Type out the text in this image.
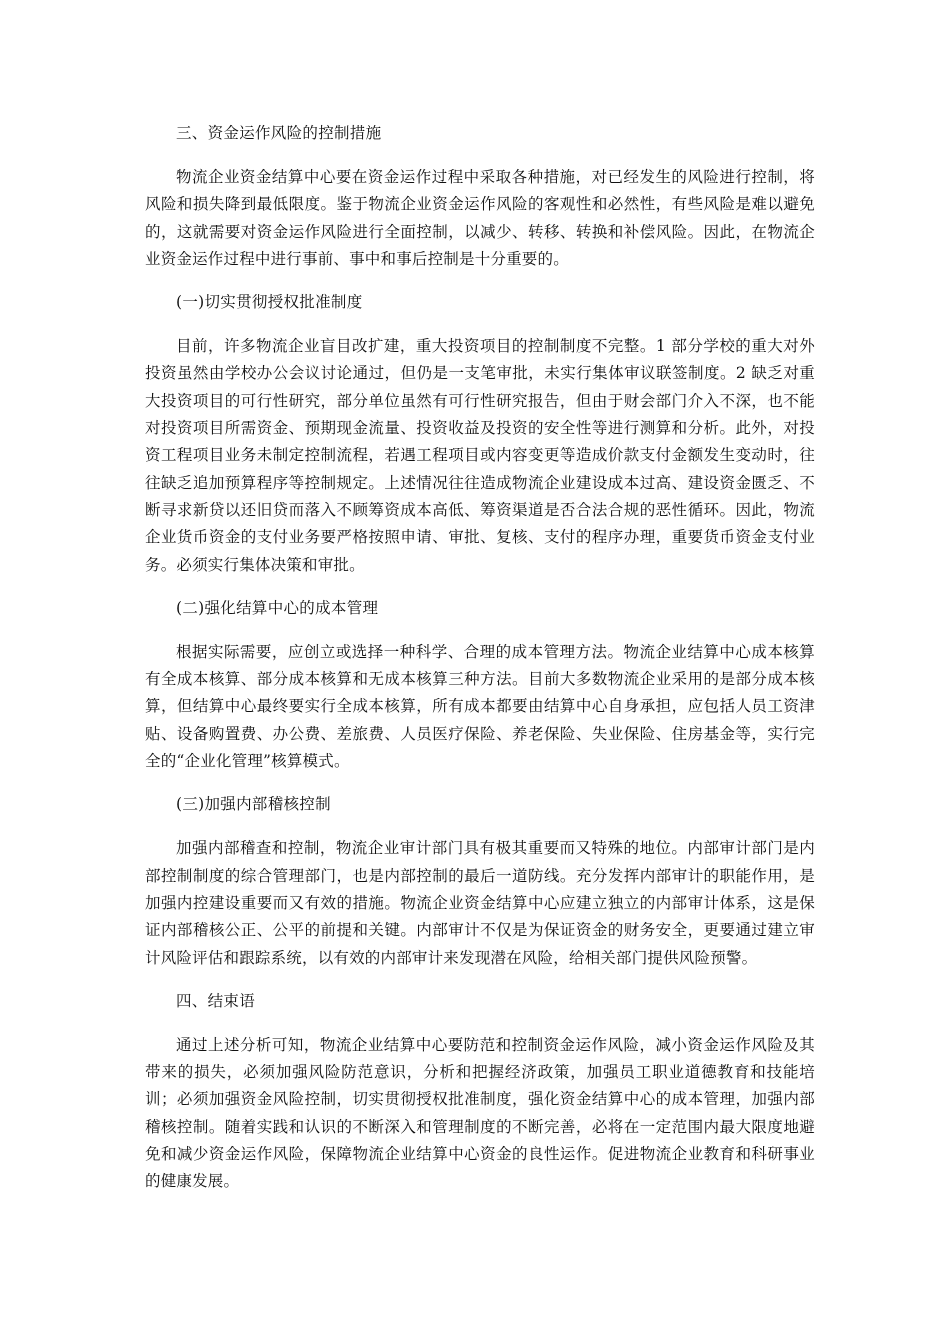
三、资金运作风险的控制措施

物流企业资金结算中心要在资金运作过程中采取各种措施，对已经发生的风险进行控制，将风险和损失降到最低限度。鉴于物流企业资金运作风险的客观性和必然性，有些风险是难以避免的，这就需要对资金运作风险进行全面控制，以减少、转移、转换和补偿风险。因此，在物流企业资金运作过程中进行事前、事中和事后控制是十分重要的。

(一)切实贯彻授权批准制度

目前，许多物流企业盲目改扩建，重大投资项目的控制制度不完整。1 部分学校的重大对外投资虽然由学校办公会议讨论通过，但仍是一支笔审批，未实行集体审议联签制度。2 缺乏对重大投资项目的可行性研究，部分单位虽然有可行性研究报告，但由于财会部门介入不深，也不能对投资项目所需资金、预期现金流量、投资收益及投资的安全性等进行测算和分析。此外，对投资工程项目业务未制定控制流程，若遇工程项目或内容变更等造成价款支付金额发生变动时，往往缺乏追加预算程序等控制规定。上述情况往往造成物流企业建设成本过高、建设资金匮乏、不断寻求新贷以还旧贷而落入不顾筹资成本高低、筹资渠道是否合法合规的恶性循环。因此，物流企业货币资金的支付业务要严格按照申请、审批、复核、支付的程序办理，重要货币资金支付业务。必须实行集体决策和审批。

(二)强化结算中心的成本管理

根据实际需要，应创立或选择一种科学、合理的成本管理方法。物流企业结算中心成本核算有全成本核算、部分成本核算和无成本核算三种方法。目前大多数物流企业采用的是部分成本核算，但结算中心最终要实行全成本核算，所有成本都要由结算中心自身承担，应包括人员工资津贴、设备购置费、办公费、差旅费、人员医疗保险、养老保险、失业保险、住房基金等，实行完全的“企业化管理”核算模式。

(三)加强内部稽核控制

加强内部稽查和控制，物流企业审计部门具有极其重要而又特殊的地位。内部审计部门是内部控制制度的综合管理部门，也是内部控制的最后一道防线。充分发挥内部审计的职能作用，是加强内控建设重要而又有效的措施。物流企业资金结算中心应建立独立的内部审计体系，这是保证内部稽核公正、公平的前提和关键。内部审计不仅是为保证资金的财务安全，更要通过建立审计风险评估和跟踪系统，以有效的内部审计来发现潜在风险，给相关部门提供风险预警。

四、结束语

通过上述分析可知，物流企业结算中心要防范和控制资金运作风险，减小资金运作风险及其带来的损失，必须加强风险防范意识，分析和把握经济政策，加强员工职业道德教育和技能培训；必须加强资金风险控制，切实贯彻授权批准制度，强化资金结算中心的成本管理，加强内部稽核控制。随着实践和认识的不断深入和管理制度的不断完善，必将在一定范围内最大限度地避免和减少资金运作风险，保障物流企业结算中心资金的良性运作。促进物流企业教育和科研事业的健康发展。
